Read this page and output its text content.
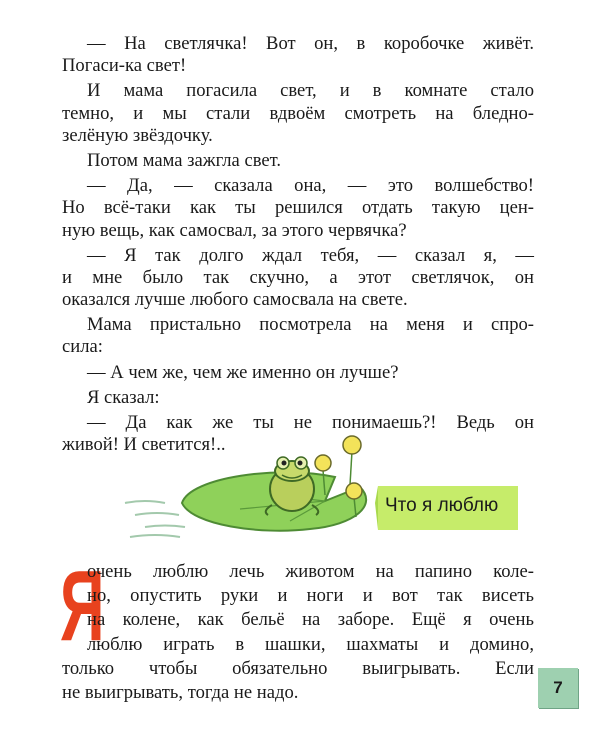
— На светлячка! Вот он, в коробочке живёт.
Погаси-ка свет!
И мама погасила свет, и в комнате стало
темно, и мы стали вдвоём смотреть на бледно-
зелёную звёздочку.
Потом мама зажгла свет.
— Да, — сказала она, — это волшебство!
Но всё-таки как ты решился отдать такую цен-
ную вещь, как самосвал, за этого червячка?
— Я так долго ждал тебя, — сказал я, —
и мне было так скучно, а этот светлячок, он
оказался лучше любого самосвала на свете.
Мама пристально посмотрела на меня и спро-
сила:
— А чем же, чем же именно он лучше?
Я сказал:
— Да как же ты не понимаешь?! Ведь он
живой! И светится!..
Что я люблю
Я
очень люблю лечь животом на папино коле-
но, опустить руки и ноги и вот так висеть
на колене, как бельё на заборе. Ещё я очень
люблю играть в шашки, шахматы и домино,
только чтобы обязательно выигрывать. Если
не выигрывать, тогда не надо.	7
